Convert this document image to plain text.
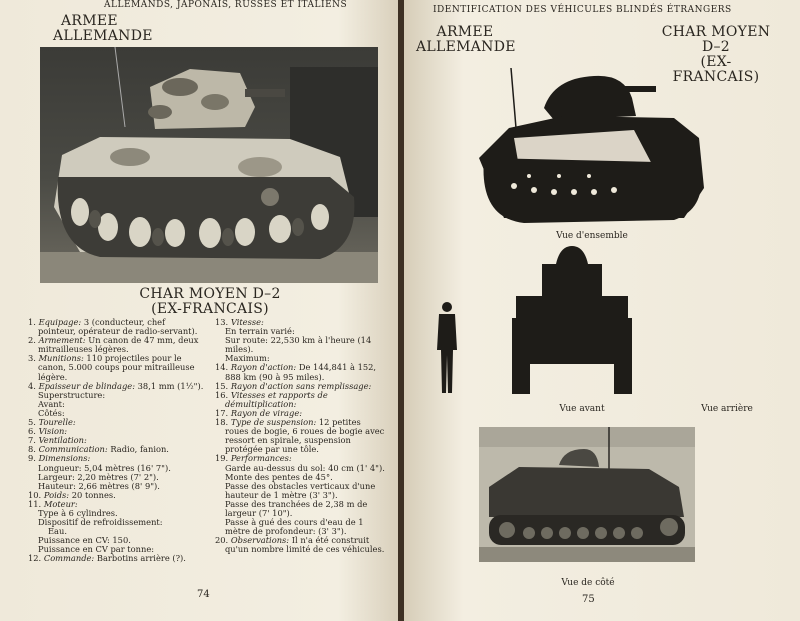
ALLEMANDS, JAPONAIS, RUSSES ET ITALIENS
ARMEE
ALLEMANDE
CHAR MOYEN D–2
(EX-FRANCAIS)

1. Equipage: 3 (conducteur, chef pointeur, opérateur de radio-servant).

2. Armement: Un canon de 47 mm, deux mitrailleuses légères.

3. Munitions: 110 projectiles pour le canon, 5.000 coups pour mitrailleuse légère.

4. Epaisseur de blindage: 38,1 mm (1½").

Superstructure:

Avant:

Côtés:

5. Tourelle:

6. Vision:

7. Ventilation:

8. Communication: Radio, fanion.

9. Dimensions:

Longueur: 5,04 mètres (16' 7").

Largeur: 2,20 mètres (7' 2").

Hauteur: 2,66 mètres (8' 9").

10. Poids: 20 tonnes.

11. Moteur:

Type à 6 cylindres.

Dispositif de refroidissement:

Eau.

Puissance en CV: 150.

Puissance en CV par tonne:

12. Commande: Barbotins arrière (?).

13. Vitesse:

En terrain varié:

Sur route: 22,530 km à l'heure (14 miles).

Maximum:

14. Rayon d'action: De 144,841 à 152, 888 km (90 à 95 miles).

15. Rayon d'action sans remplissage:

16. Vitesses et rapports de démultiplication:

17. Rayon de virage:

18. Type de suspension: 12 petites roues de bogie, 6 roues de bogie avec ressort en spirale, suspension protégée par une tôle.

19. Performances:

Garde au-dessus du sol: 40 cm (1' 4").

Monte des pentes de 45°.

Passe des obstacles verticaux d'une hauteur de 1 mètre (3' 3").

Passe des tranchées de 2,38 m de largeur (7' 10").

Passe à gué des cours d'eau de 1 mètre de profondeur: (3' 3").

20. Observations: Il n'a été construit qu'un nombre limité de ces véhicules.

74
IDENTIFICATION DES VÉHICULES BLINDÉS ÉTRANGERS
ARMEE
ALLEMANDE
CHAR MOYEN
D–2
(EX-FRANCAIS)
Vue d'ensemble
Vue avant	Vue arrière
Vue de côté
75
